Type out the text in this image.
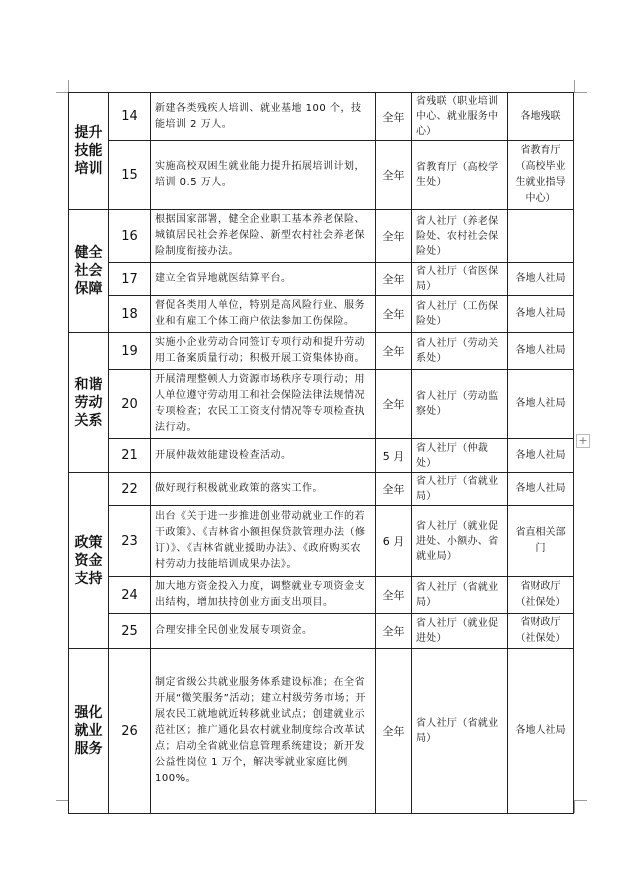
+
提升技能培训	14	新建各类残疾人培训、就业基地 100 个，技能培训 2 万人。	全年	省残联（职业培训中心、就业服务中心）	各地残联
	15	实施高校双困生就业能力提升拓展培训计划，培训 0.5 万人。	全年	省教育厅（高校学生处）	省教育厅（高校毕业生就业指导中心）

健全社会保障	16	根据国家部署，健全企业职工基本养老保险、城镇居民社会养老保险、新型农村社会养老保险制度衔接办法。	全年	省人社厅（养老保险处、农村社会保险处）	
	17	建立全省异地就医结算平台。	全年	省人社厅（省医保局）	各地人社局
	18	督促各类用人单位，特别是高风险行业、服务业和有雇工个体工商户依法参加工伤保险。	全年	省人社厅（工伤保险处）	各地人社局

和谐劳动关系	19	实施小企业劳动合同签订专项行动和提升劳动用工备案质量行动；积极开展工资集体协商。	全年	省人社厅（劳动关系处）	各地人社局
	20	开展清理整顿人力资源市场秩序专项行动；用人单位遵守劳动用工和社会保险法律法规情况专项检查；农民工工资支付情况等专项检查执法行动。	全年	省人社厅（劳动监察处）	各地人社局
	21	开展仲裁效能建设检查活动。	5 月	省人社厅（仲裁处）	各地人社局

政策资金支持	22	做好现行积极就业政策的落实工作。	全年	省人社厅（省就业局）	各地人社局
	23	出台《关于进一步推进创业带动就业工作的若干政策》、《吉林省小额担保贷款管理办法（修订）》、《吉林省就业援助办法》、《政府购买农村劳动力技能培训成果办法》。	6 月	省人社厅（就业促进处、小额办、省就业局）	省直相关部门
	24	加大地方资金投入力度，调整就业专项资金支出结构，增加扶持创业方面支出项目。	全年	省人社厅（省就业局）	省财政厅（社保处）
	25	合理安排全民创业发展专项资金。	全年	省人社厅（就业促进处）	省财政厅（社保处）

强化就业服务	26	制定省级公共就业服务体系建设标准；在全省开展“微笑服务”活动；建立村级劳务市场；开展农民工就地就近转移就业试点；创建就业示范社区；推广通化县农村就业制度综合改革试点；启动全省就业信息管理系统建设；新开发公益性岗位 1 万个，解决零就业家庭比例 100%。	全年	省人社厅（省就业局）	各地人社局
